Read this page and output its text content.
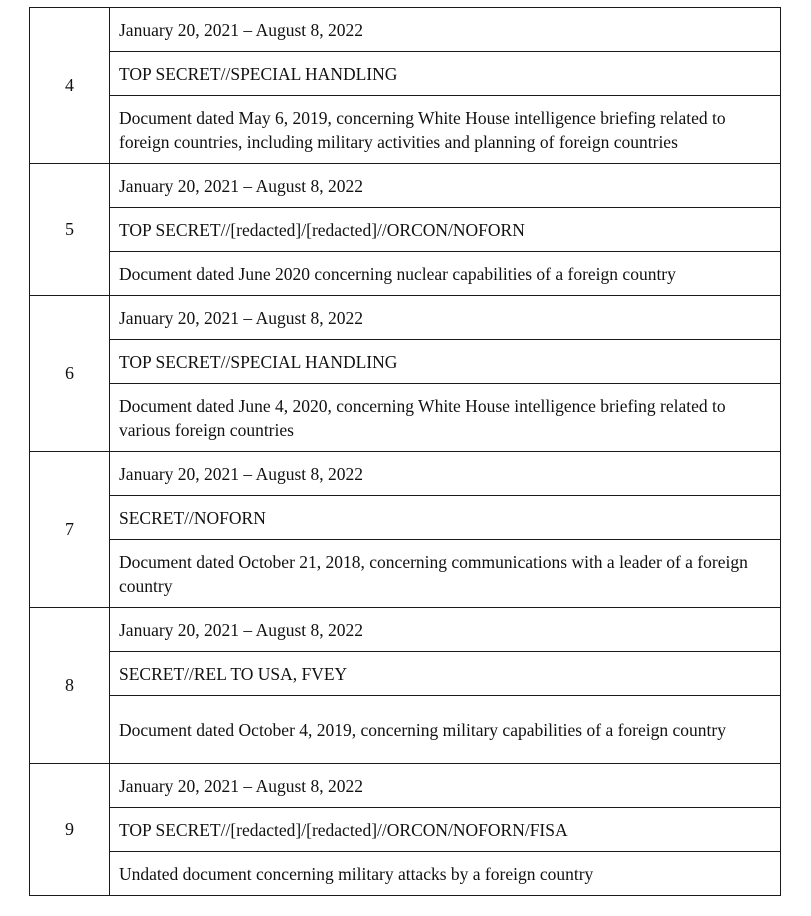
4	January 20, 2021 – August 8, 2022

	TOP SECRET//SPECIAL HANDLING

	Document dated May 6, 2019, concerning White House intelligence briefing related to foreign countries, including military activities and planning of foreign countries

5	January 20, 2021 – August 8, 2022

	TOP SECRET//[redacted]/[redacted]//ORCON/NOFORN

	Document dated June 2020 concerning nuclear capabilities of a foreign country

6	January 20, 2021 – August 8, 2022

	TOP SECRET//SPECIAL HANDLING

	Document dated June 4, 2020, concerning White House intelligence briefing related to various foreign countries

7	January 20, 2021 – August 8, 2022

	SECRET//NOFORN

	Document dated October 21, 2018, concerning communications with a leader of a foreign country

8	January 20, 2021 – August 8, 2022

	SECRET//REL TO USA, FVEY

	Document dated October 4, 2019, concerning military capabilities of a foreign country

9	January 20, 2021 – August 8, 2022

	TOP SECRET//[redacted]/[redacted]//ORCON/NOFORN/FISA

	Undated document concerning military attacks by a foreign country
